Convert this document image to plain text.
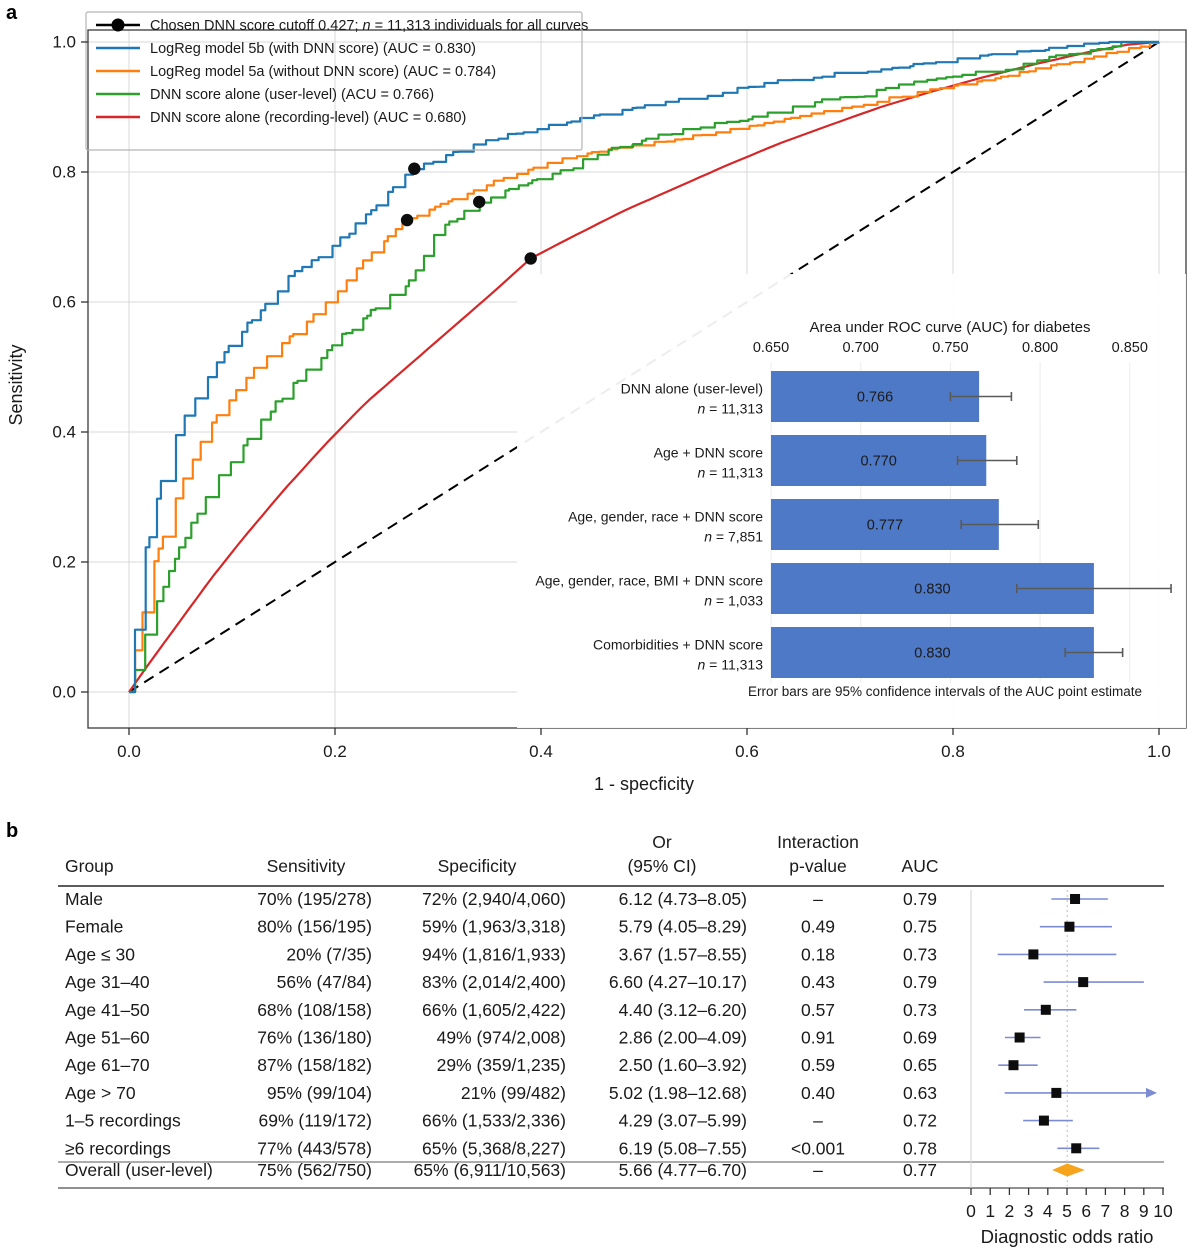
Area under ROC curve (AUC) for diabetes
0.650	0.700	0.750	0.800	0.850
0.766
DNN alone (user-level)
n = 11,313
0.770
Age + DNN score
n = 11,313
0.777
Age, gender, race + DNN score
n = 7,851
0.830
Age, gender, race, BMI + DNN score
n = 1,033
0.830
Comorbidities + DNN score
n = 11,313
Error bars are 95% confidence intervals of the AUC point estimate
Chosen DNN score cutoff 0.427; n = 11,313 individuals for all curves
LogReg model 5b (with DNN score) (AUC = 0.830)
LogReg model 5a (without DNN score) (AUC = 0.784)
DNN score alone (user-level) (ACU = 0.766)
DNN score alone (recording-level) (AUC = 0.680)
0.0	0.2	0.4	0.6	0.8	1.0
0.0
0.2
0.4
0.6
0.8
1.0
1 - specficity
Sensitivity
Group	Sensitivity	Specificity
Or
(95% CI)
Interaction
p-value	AUC
Male	70% (195/278)	72% (2,940/4,060)	6.12 (4.73–8.05)	–	0.79
Female	80% (156/195)	59% (1,963/3,318)	5.79 (4.05–8.29)	0.49	0.75
Age ≤ 30	20% (7/35)	94% (1,816/1,933)	3.67 (1.57–8.55)	0.18	0.73
Age 31–40	56% (47/84)	83% (2,014/2,400) 6.60 (4.27–10.17)	0.43	0.79
Age 41–50	68% (108/158)	66% (1,605/2,422)	4.40 (3.12–6.20)	0.57	0.73
Age 51–60	76% (136/180)	49% (974/2,008)	2.86 (2.00–4.09)	0.91	0.69
Age 61–70	87% (158/182)	29% (359/1,235)	2.50 (1.60–3.92)	0.59	0.65
Age > 70	95% (99/104)	21% (99/482) 5.02 (1.98–12.68)	0.40	0.63
1–5 recordings	69% (119/172)	66% (1,533/2,336)	4.29 (3.07–5.99)	–	0.72
≥6 recordings	77% (443/578)	65% (5,368/8,227)	6.19 (5.08–7.55)	<0.001	0.78
Overall (user-level)	75% (562/750) 65% (6,911/10,563)	5.66 (4.77–6.70)	–	0.77
0 1 2 3 4 5 6 7 8 9 10
Diagnostic odds ratio
a
b
